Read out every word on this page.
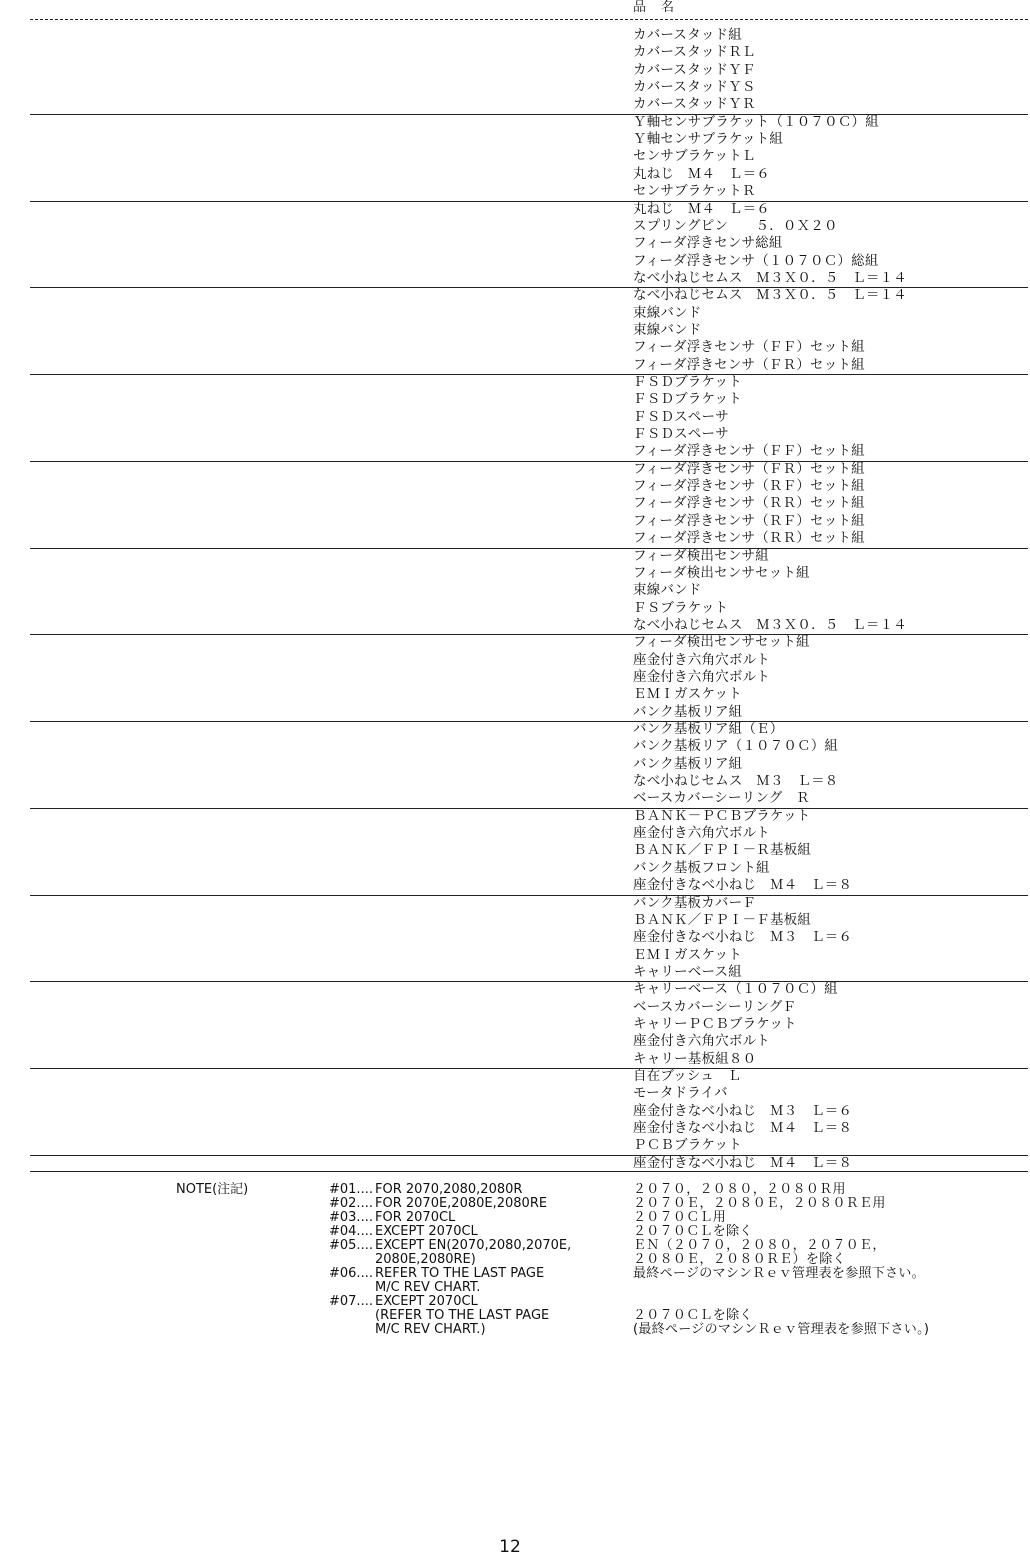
品　名
カバースタッド組
カバースタッドＲＬ
カバースタッドＹＦ
カバースタッドＹＳ
カバースタッドＹＲ
Ｙ軸センサブラケット（１０７０Ｃ）組
Ｙ軸センサブラケット組
センサブラケットＬ
丸ねじ　Ｍ４　Ｌ＝６
センサブラケットＲ
丸ねじ　Ｍ４　Ｌ＝６
スプリングピン　　５．０Ｘ２０
フィーダ浮きセンサ総組
フィーダ浮きセンサ（１０７０Ｃ）総組
なべ小ねじセムス　Ｍ３Ｘ０．５　Ｌ＝１４
なべ小ねじセムス　Ｍ３Ｘ０．５　Ｌ＝１４
束線バンド
束線バンド
フィーダ浮きセンサ（ＦＦ）セット組
フィーダ浮きセンサ（ＦＲ）セット組
ＦＳＤブラケット
ＦＳＤブラケット
ＦＳＤスペーサ
ＦＳＤスペーサ
フィーダ浮きセンサ（ＦＦ）セット組
フィーダ浮きセンサ（ＦＲ）セット組
フィーダ浮きセンサ（ＲＦ）セット組
フィーダ浮きセンサ（ＲＲ）セット組
フィーダ浮きセンサ（ＲＦ）セット組
フィーダ浮きセンサ（ＲＲ）セット組
フィーダ検出センサ組
フィーダ検出センサセット組
束線バンド
ＦＳブラケット
なべ小ねじセムス　Ｍ３Ｘ０．５　Ｌ＝１４
フィーダ検出センサセット組
座金付き六角穴ボルト
座金付き六角穴ボルト
ＥＭＩガスケット
バンク基板リア組
バンク基板リア組（Ｅ）
バンク基板リア（１０７０Ｃ）組
バンク基板リア組
なべ小ねじセムス　Ｍ３　Ｌ＝８
ベースカバーシーリング　Ｒ
ＢＡＮＫ－ＰＣＢブラケット
座金付き六角穴ボルト
ＢＡＮＫ／ＦＰＩ－Ｒ基板組
バンク基板フロント組
座金付きなべ小ねじ　Ｍ４　Ｌ＝８
バンク基板カバーＦ
ＢＡＮＫ／ＦＰＩ－Ｆ基板組
座金付きなべ小ねじ　Ｍ３　Ｌ＝６
ＥＭＩガスケット
キャリーベース組
キャリーベース（１０７０Ｃ）組
ベースカバーシーリングＦ
キャリーＰＣＢブラケット
座金付き六角穴ボルト
キャリー基板組８０
自在ブッシュ　Ｌ
モータドライバ
座金付きなべ小ねじ　Ｍ３　Ｌ＝６
座金付きなべ小ねじ　Ｍ４　Ｌ＝８
ＰＣＢブラケット
座金付きなべ小ねじ　Ｍ４　Ｌ＝８
NOTE(注記)	#01.... FOR 2070,2080,2080R	２０７０，２０８０，２０８０Ｒ用
#02.... FOR 2070E,2080E,2080RE	２０７０Ｅ，２０８０Ｅ，２０８０ＲＥ用
#03.... FOR 2070CL	２０７０ＣＬ用
#04.... EXCEPT 2070CL	２０７０ＣＬを除く
#05.... EXCEPT EN(2070,2080,2070E,
2080E,2080RE)
ＥＮ（２０７０，２０８０，２０７０Ｅ，
２０８０Ｅ，２０８０ＲＥ）を除く
#06.... REFER TO THE LAST PAGE
M/C REV CHART.
最終ページのマシンＲｅｖ管理表を参照下さい。
#07.... EXCEPT 2070CL
(REFER TO THE LAST PAGE
M/C REV CHART.)
２０７０ＣＬを除く
(最終ページのマシンＲｅｖ管理表を参照下さい。)
12
